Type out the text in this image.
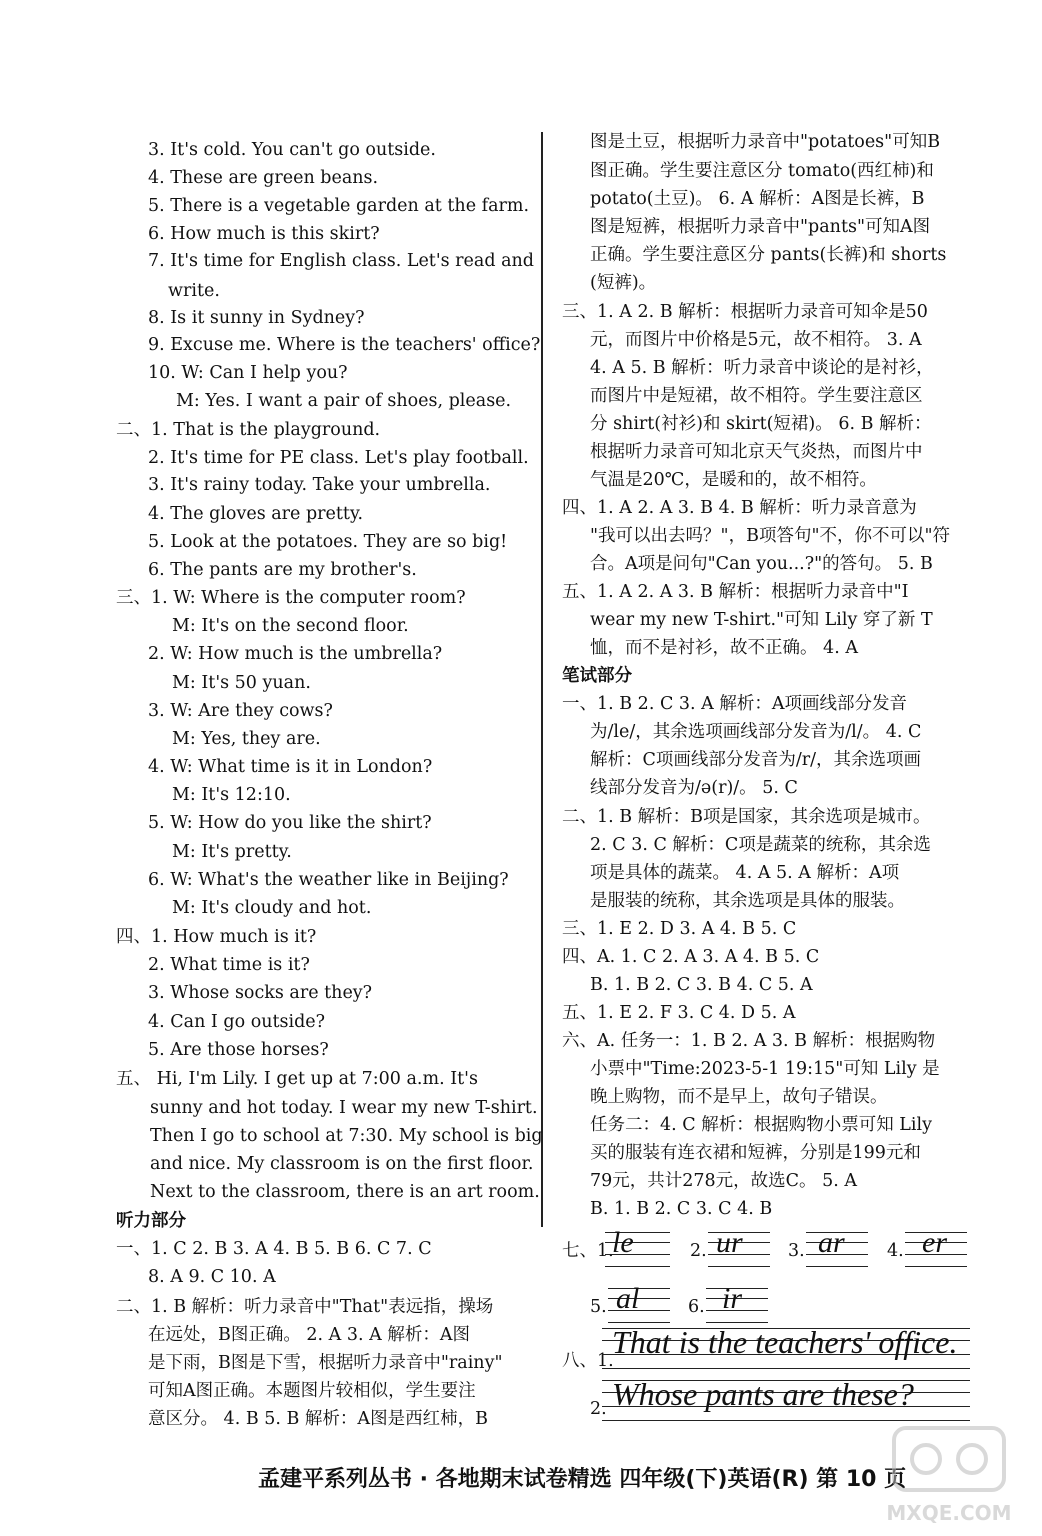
3. It's cold. You can't go outside.
4. These are green beans.
5. There is a vegetable garden at the farm.
6. How much is this skirt?
7. It's time for English class. Let's read and
write.
8. Is it sunny in Sydney?
9. Excuse me. Where is the teachers' office?
10. W: Can I help you?
M: Yes. I want a pair of shoes, please.
二、1. That is the playground.
2. It's time for PE class. Let's play football.
3. It's rainy today. Take your umbrella.
4. The gloves are pretty.
5. Look at the potatoes. They are so big!
6. The pants are my brother's.
三、1. W: Where is the computer room?
M: It's on the second floor.
2. W: How much is the umbrella?
M: It's 50 yuan.
3. W: Are they cows?
M: Yes, they are.
4. W: What time is it in London?
M: It's 12:10.
5. W: How do you like the shirt?
M: It's pretty.
6. W: What's the weather like in Beijing?
M: It's cloudy and hot.
四、1. How much is it?
2. What time is it?
3. Whose socks are they?
4. Can I go outside?
5. Are those horses?
五、 Hi, I'm Lily. I get up at 7:00 a.m. It's
sunny and hot today. I wear my new T-shirt.
Then I go to school at 7:30. My school is big
and nice. My classroom is on the first floor.
Next to the classroom, there is an art room.
听力部分
一、1. C 2. B 3. A 4. B 5. B 6. C 7. C
8. A 9. C 10. A
二、1. B 解析：听力录音中"That"表远指，操场
在远处，B图正确。 2. A 3. A 解析：A图
是下雨，B图是下雪，根据听力录音中"rainy"
可知A图正确。本题图片较相似，学生要注
意区分。 4. B 5. B 解析：A图是西红柿，B
图是土豆，根据听力录音中"potatoes"可知B
图正确。学生要注意区分 tomato(西红柿)和
potato(土豆)。 6. A 解析：A图是长裤，B
图是短裤，根据听力录音中"pants"可知A图
正确。学生要注意区分 pants(长裤)和 shorts
(短裤)。
三、1. A 2. B 解析：根据听力录音可知伞是50
元，而图片中价格是5元，故不相符。 3. A
4. A 5. B 解析：听力录音中谈论的是衬衫，
而图片中是短裙，故不相符。学生要注意区
分 shirt(衬衫)和 skirt(短裙)。 6. B 解析：
根据听力录音可知北京天气炎热，而图片中
气温是20℃，是暖和的，故不相符。
四、1. A 2. A 3. B 4. B 解析：听力录音意为
"我可以出去吗？"，B项答句"不，你不可以"符
合。A项是问句"Can you...?"的答句。 5. B
五、1. A 2. A 3. B 解析：根据听力录音中"I
wear my new T-shirt."可知 Lily 穿了新 T
恤，而不是衬衫，故不正确。 4. A
笔试部分
一、1. B 2. C 3. A 解析：A项画线部分发音
为/le/，其余选项画线部分发音为/l/。 4. C
解析：C项画线部分发音为/r/，其余选项画
线部分发音为/ə(r)/。 5. C
二、1. B 解析：B项是国家，其余选项是城市。
2. C 3. C 解析：C项是蔬菜的统称，其余选
项是具体的蔬菜。 4. A 5. A 解析：A项
是服装的统称，其余选项是具体的服装。
三、1. E 2. D 3. A 4. B 5. C
四、A. 1. C 2. A 3. A 4. B 5. C
B. 1. B 2. C 3. B 4. C 5. A
五、1. E 2. F 3. C 4. D 5. A
六、A. 任务一：1. B 2. A 3. B 解析：根据购物
小票中"Time:2023-5-1 19:15"可知 Lily 是
晚上购物，而不是早上，故句子错误。
任务二：4. C 解析：根据购物小票可知 Lily
买的服装有连衣裙和短裤，分别是199元和
79元，共计278元，故选C。 5. A
B. 1. B 2. C 3. C 4. B
七、1.
le	2. ur	3. ar 4. er
5. al	6. ir
八、1.
That is the teachers' office.
2. Whose pants are these?
孟建平系列丛书 · 各地期末试卷精选 四年级(下)英语(R) 第 10 页
MXQE.COM
